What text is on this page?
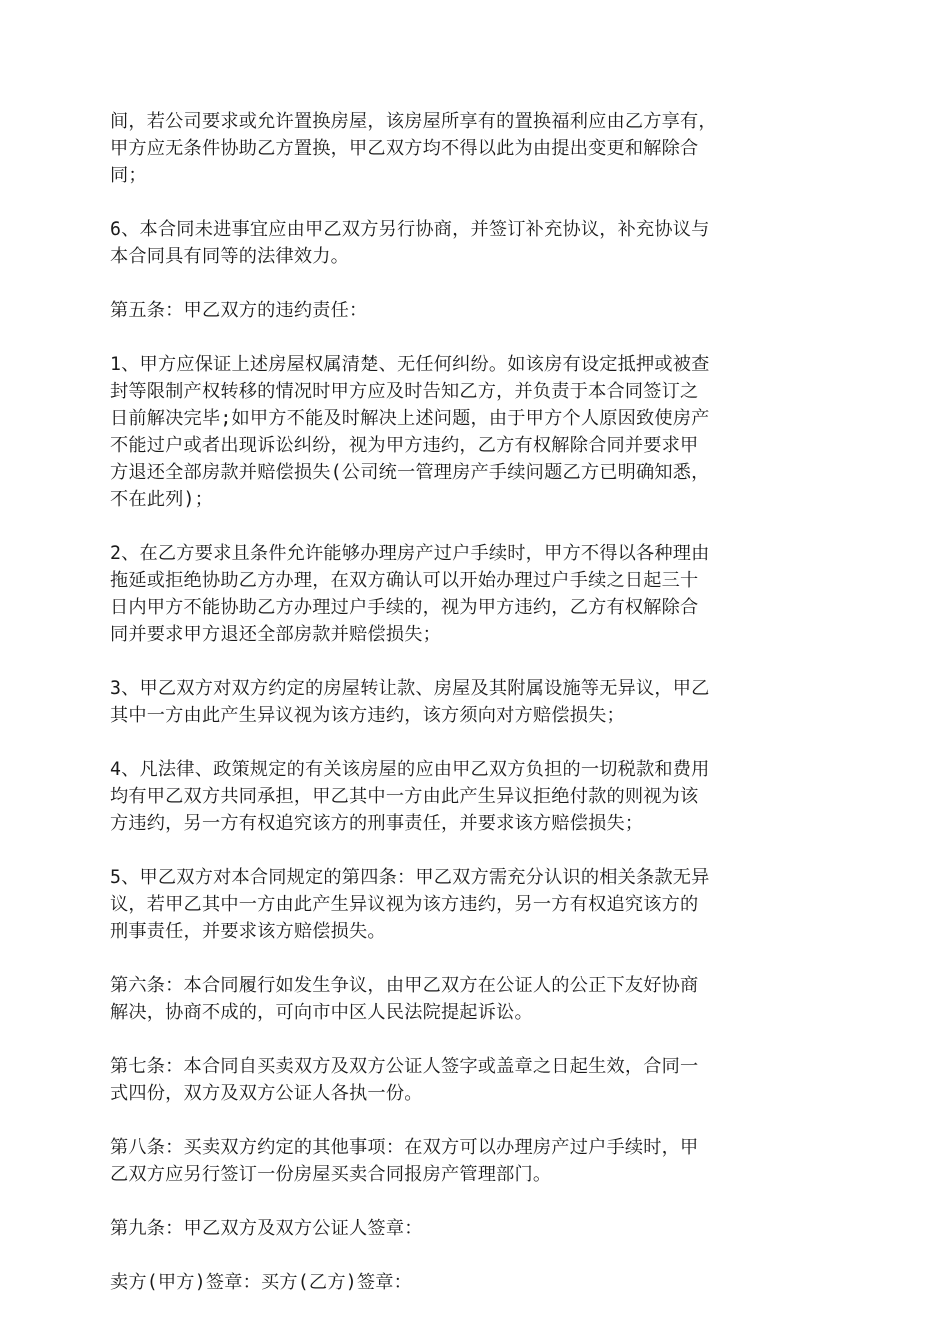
间，若公司要求或允许置换房屋，该房屋所享有的置换福利应由乙方享有，
甲方应无条件协助乙方置换，甲乙双方均不得以此为由提出变更和解除合
同；

6、本合同未进事宜应由甲乙双方另行协商，并签订补充协议，补充协议与
本合同具有同等的法律效力。

第五条：甲乙双方的违约责任：

1、甲方应保证上述房屋权属清楚、无任何纠纷。如该房有设定抵押或被查
封等限制产权转移的情况时甲方应及时告知乙方，并负责于本合同签订之
日前解决完毕;如甲方不能及时解决上述问题，由于甲方个人原因致使房产
不能过户或者出现诉讼纠纷，视为甲方违约，乙方有权解除合同并要求甲
方退还全部房款并赔偿损失(公司统一管理房产手续问题乙方已明确知悉，
不在此列)；

2、在乙方要求且条件允许能够办理房产过户手续时，甲方不得以各种理由
拖延或拒绝协助乙方办理，在双方确认可以开始办理过户手续之日起三十
日内甲方不能协助乙方办理过户手续的，视为甲方违约，乙方有权解除合
同并要求甲方退还全部房款并赔偿损失；

3、甲乙双方对双方约定的房屋转让款、房屋及其附属设施等无异议，甲乙
其中一方由此产生异议视为该方违约，该方须向对方赔偿损失；

4、凡法律、政策规定的有关该房屋的应由甲乙双方负担的一切税款和费用
均有甲乙双方共同承担，甲乙其中一方由此产生异议拒绝付款的则视为该
方违约，另一方有权追究该方的刑事责任，并要求该方赔偿损失；

5、甲乙双方对本合同规定的第四条：甲乙双方需充分认识的相关条款无异
议，若甲乙其中一方由此产生异议视为该方违约，另一方有权追究该方的
刑事责任，并要求该方赔偿损失。

第六条：本合同履行如发生争议，由甲乙双方在公证人的公正下友好协商
解决，协商不成的，可向市中区人民法院提起诉讼。

第七条：本合同自买卖双方及双方公证人签字或盖章之日起生效，合同一
式四份，双方及双方公证人各执一份。

第八条：买卖双方约定的其他事项：在双方可以办理房产过户手续时，甲
乙双方应另行签订一份房屋买卖合同报房产管理部门。

第九条：甲乙双方及双方公证人签章：

卖方(甲方)签章：买方(乙方)签章：
